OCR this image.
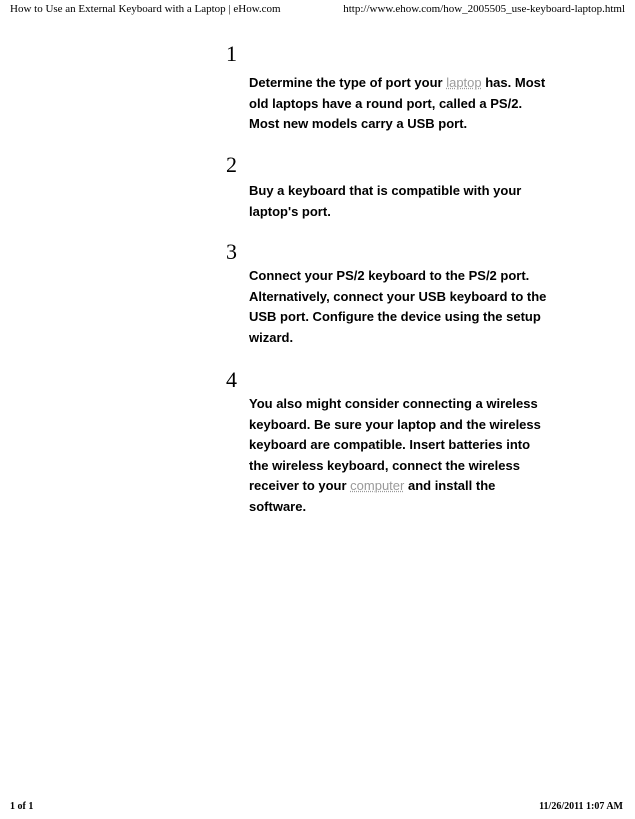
How to Use an External Keyboard with a Laptop | eHow.com	http://www.ehow.com/how_2005505_use-keyboard-laptop.html
1

Determine the type of port your laptop has. Most old laptops have a round port, called a PS/2. Most new models carry a USB port.

2

Buy a keyboard that is compatible with your laptop's port.

3

Connect your PS/2 keyboard to the PS/2 port. Alternatively, connect your USB keyboard to the USB port. Configure the device using the setup wizard.

4

You also might consider connecting a wireless keyboard. Be sure your laptop and the wireless keyboard are compatible. Insert batteries into the wireless keyboard, connect the wireless receiver to your computer and install the software.

1 of 1	11/26/2011 1:07 AM
